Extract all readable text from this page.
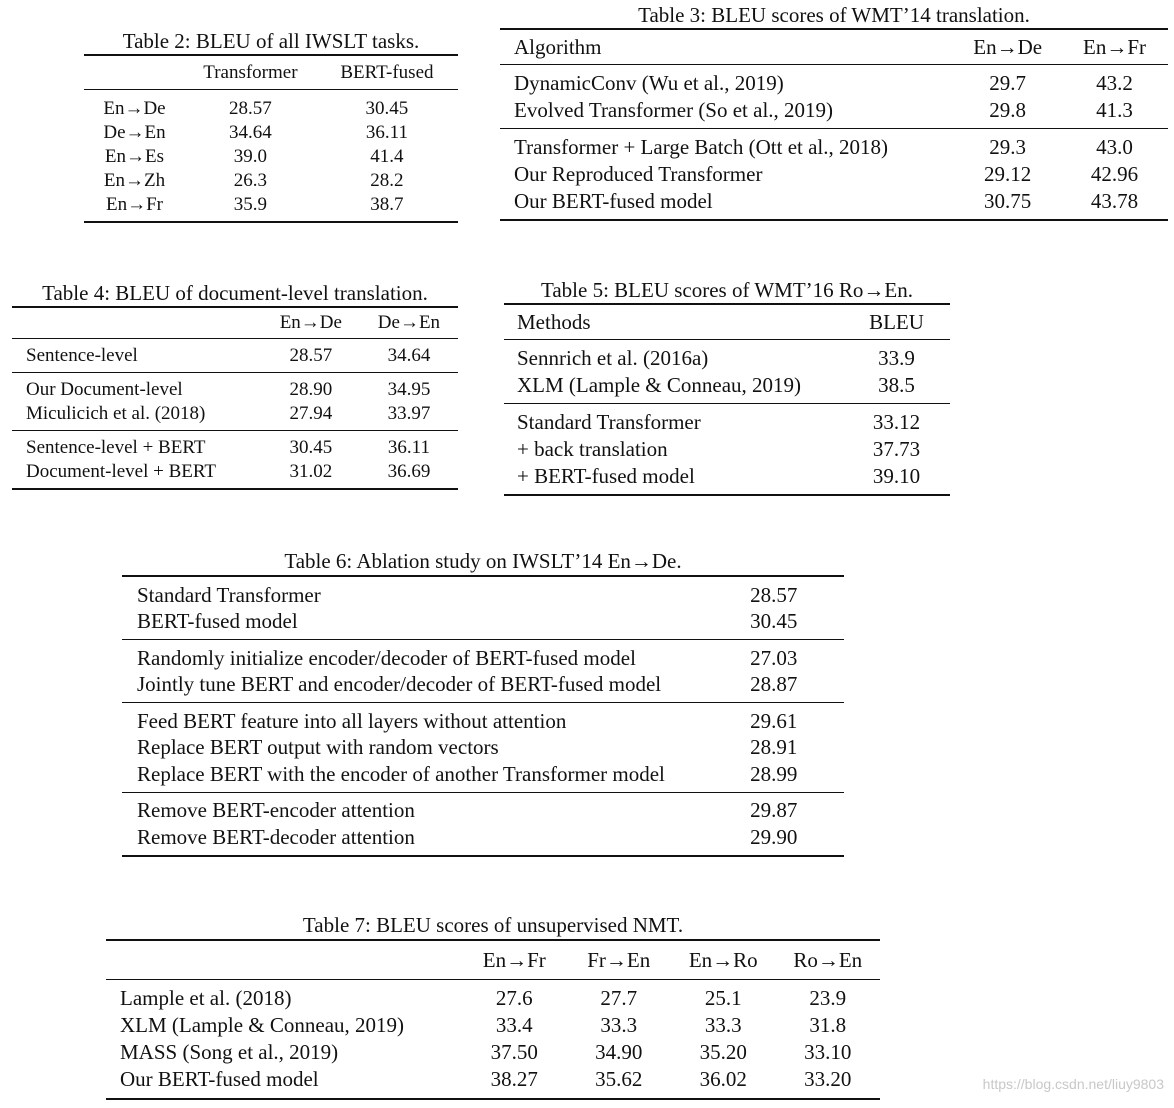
Table 2: BLEU of all IWSLT tasks.
	Transformer	BERT-fused
En→De	28.57	30.45
De→En	34.64	36.11
En→Es	39.0	41.4
En→Zh	26.3	28.2
En→Fr	35.9	38.7
Table 3: BLEU scores of WMT’14 translation.
Algorithm	En→De	En→Fr
DynamicConv (Wu et al., 2019)	29.7	43.2
Evolved Transformer (So et al., 2019)	29.8	41.3
Transformer + Large Batch (Ott et al., 2018)	29.3	43.0
Our Reproduced Transformer	29.12	42.96
Our BERT-fused model	30.75	43.78
Table 4: BLEU of document-level translation.
	En→De	De→En
Sentence-level	28.57	34.64
Our Document-level	28.90	34.95
Miculicich et al. (2018)	27.94	33.97
Sentence-level + BERT	30.45	36.11
Document-level + BERT	31.02	36.69
Table 5: BLEU scores of WMT’16 Ro→En.
Methods	BLEU
Sennrich et al. (2016a)	33.9
XLM (Lample & Conneau, 2019)	38.5
Standard Transformer	33.12
+ back translation	37.73
+ BERT-fused model	39.10
Table 6: Ablation study on IWSLT’14 En→De.
Standard Transformer	28.57
BERT-fused model	30.45
Randomly initialize encoder/decoder of BERT-fused model	27.03
Jointly tune BERT and encoder/decoder of BERT-fused model	28.87
Feed BERT feature into all layers without attention	29.61
Replace BERT output with random vectors	28.91
Replace BERT with the encoder of another Transformer model	28.99
Remove BERT-encoder attention	29.87
Remove BERT-decoder attention	29.90
Table 7: BLEU scores of unsupervised NMT.
	En→Fr	Fr→En	En→Ro	Ro→En
Lample et al. (2018)	27.6	27.7	25.1	23.9
XLM (Lample & Conneau, 2019)	33.4	33.3	33.3	31.8
MASS (Song et al., 2019)	37.50	34.90	35.20	33.10
Our BERT-fused model	38.27	35.62	36.02	33.20	https://blog.csdn.net/liuy9803
